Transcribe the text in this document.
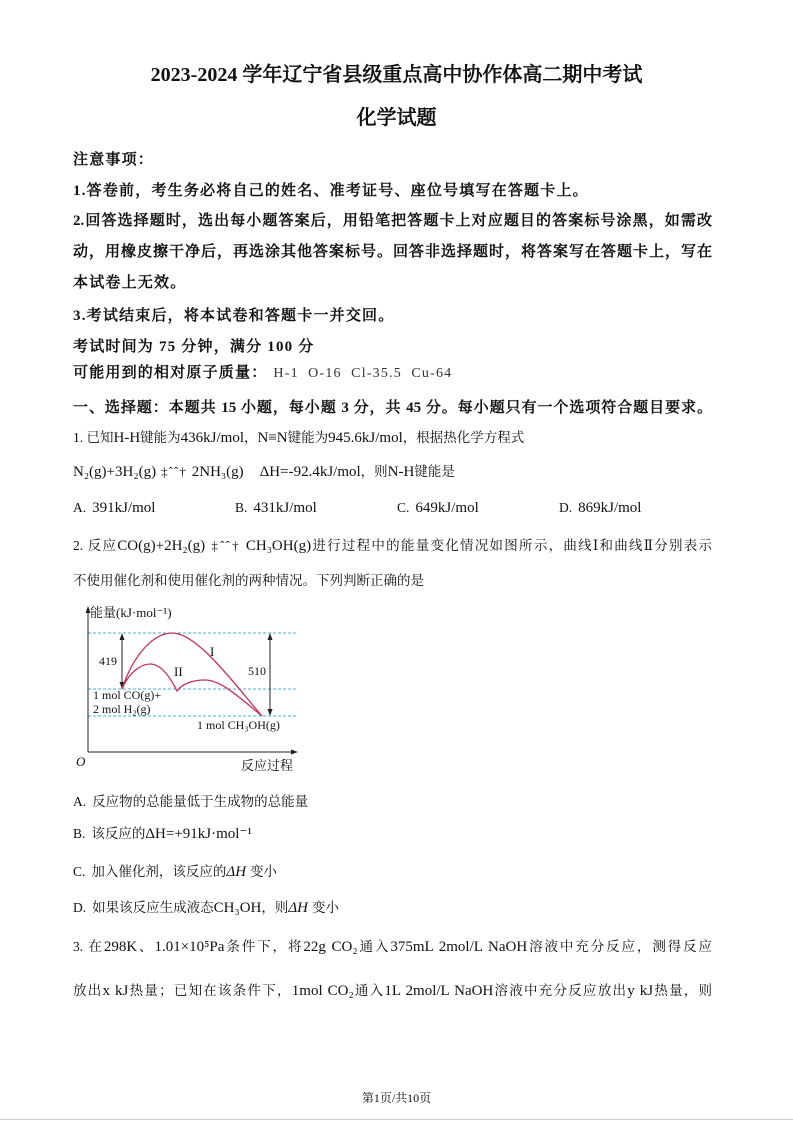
2023-2024 学年辽宁省县级重点高中协作体高二期中考试
化学试题
注意事项：
1.答卷前，考生务必将自己的姓名、准考证号、座位号填写在答题卡上。
2.回答选择题时，选出每小题答案后，用铅笔把答题卡上对应题目的答案标号涂黑，如需改
动，用橡皮擦干净后，再选涂其他答案标号。回答非选择题时，将答案写在答题卡上，写在
本试卷上无效。
3.考试结束后，将本试卷和答题卡一并交回。
考试时间为 75 分钟，满分 100 分
可能用到的相对原子质量： H-1  O-16  Cl-35.5  Cu-64
一、选择题：本题共 15 小题，每小题 3 分，共 45 分。每小题只有一个选项符合题目要求。
1. 已知H-H键能为436kJ/mol，N≡N键能为945.6kJ/mol，根据热化学方程式
N₂(g)+3H₂(g) ‡ˆˆ† 2NH₃(g) ΔH=-92.4kJ/mol，则N-H键能是
A. 391kJ/mol	B. 431kJ/mol	C. 649kJ/mol	D. 869kJ/mol
2. 反应CO(g)+2H₂(g) ‡ˆˆ† CH₃OH(g)进行过程中的能量变化情况如图所示，曲线Ⅰ和曲线Ⅱ分别表示
不使用催化剂和使用催化剂的两种情况。下列判断正确的是
能量(kJ·mol⁻¹)
419
510
I
II
1 mol CO(g)+
2 mol H₂(g)
1 mol CH₃OH(g)
O	反应过程
A. 反应物的总能量低于生成物的总能量
B. 该反应的ΔH=+91kJ·mol⁻¹
C. 加入催化剂，该反应的ΔH 变小
D. 如果该反应生成液态CH₃OH，则ΔH 变小
3. 在298K、1.01×10⁵Pa条件下，将22g CO₂通入375mL 2mol/L NaOH溶液中充分反应，测得反应
放出x kJ热量；已知在该条件下，1mol CO₂通入1L 2mol/L NaOH溶液中充分反应放出y kJ热量，则
第1页/共10页
